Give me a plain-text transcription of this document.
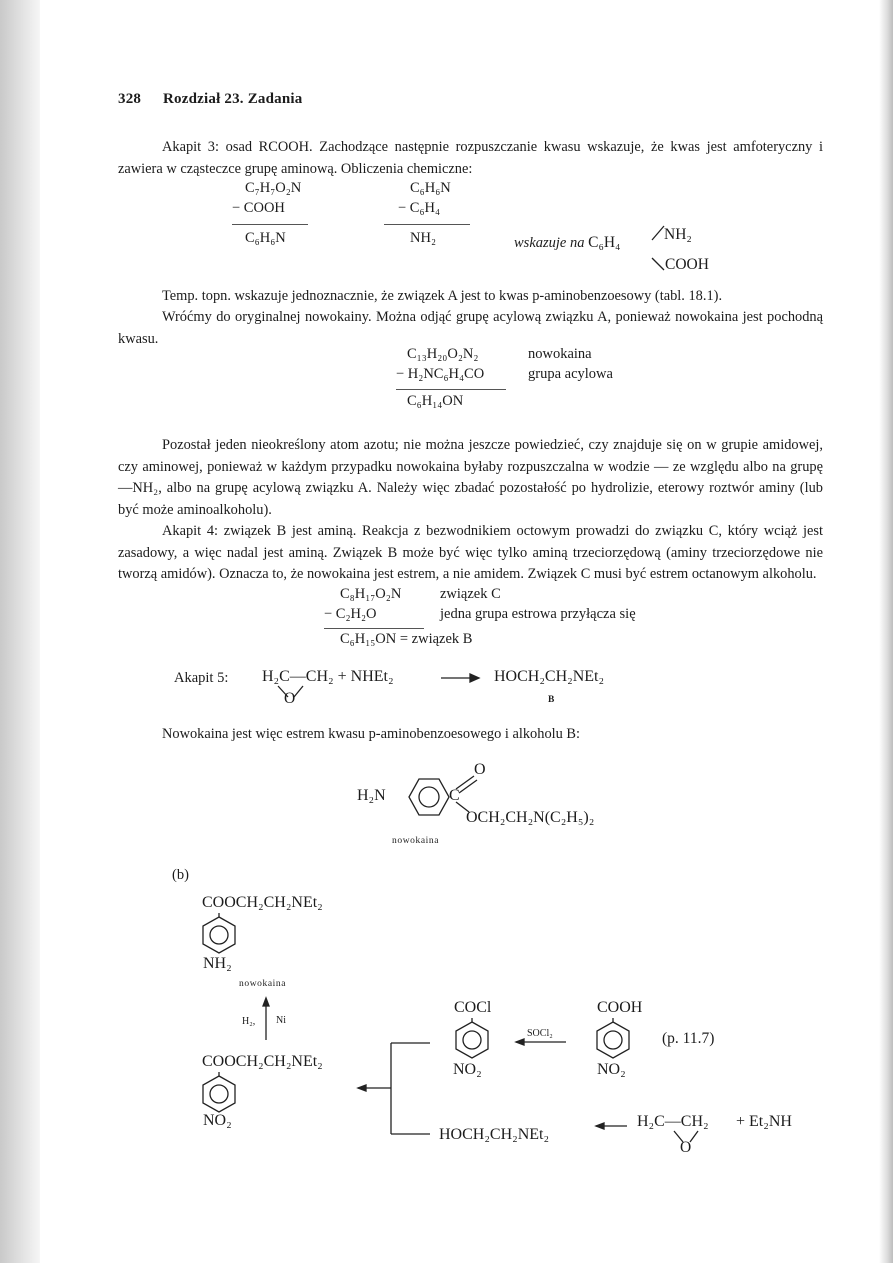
328 Rozdział 23. Zadania
Akapit 3: osad RCOOH. Zachodzące następnie rozpuszczanie kwasu wskazuje, że kwas jest amfoteryczny i zawiera w cząsteczce grupę aminową. Obliczenia chemiczne:
C₇H₇O₂N
− COOH
C₆H₆N
C₆H₆N
− C₆H₄
NH₂	NH₂
wskazuje na C₆H₄
COOH
Temp. topn. wskazuje jednoznacznie, że związek A jest to kwas p-aminobenzoesowy (tabl. 18.1).
Wróćmy do oryginalnej nowokainy. Można odjąć grupę acylową związku A, ponieważ nowokaina jest pochodną kwasu.
C₁₃H₂₀O₂N₂
− H₂NC₆H₄CO
C₆H₁₄ON
nowokaina
grupa acylowa
Pozostał jeden nieokreślony atom azotu; nie można jeszcze powiedzieć, czy znajduje się on w grupie amidowej, czy aminowej, ponieważ w każdym przypadku nowokaina byłaby rozpuszczalna w wodzie — ze względu albo na grupę —NH₂, albo na grupę acylową związku A. Należy więc zbadać pozostałość po hydrolizie, eterowy roztwór aminy (lub być może aminoalkoholu).
Akapit 4: związek B jest aminą. Reakcja z bezwodnikiem octowym prowadzi do związku C, który wciąż jest zasadowy, a więc nadal jest aminą. Związek B może być więc tylko aminą trzeciorzędową (aminy trzeciorzędowe nie tworzą amidów). Oznacza to, że nowokaina jest estrem, a nie amidem. Związek C musi być estrem octanowym alkoholu.
C₈H₁₇O₂N
− C₂H₂O
C₆H₁₅ON = związek B
związek C
jedna grupa estrowa przyłącza się
Akapit 5: H₂C—CH₂ + NHEt₂
O
HOCH₂CH₂NEt₂
B
Nowokaina jest więc estrem kwasu p-aminobenzoesowego i alkoholu B:
H₂N	C
O
OCH₂CH₂N(C₂H₅)₂
nowokaina
(b)
COOCH₂CH₂NEt₂
NH₂
nowokaina
H₂, Ni
COOCH₂CH₂NEt₂
NO₂
COCl
NO₂
SOCl₂
COOH
NO₂
(p. 11.7)
HOCH₂CH₂NEt₂
H₂C—CH₂
O
+ Et₂NH
